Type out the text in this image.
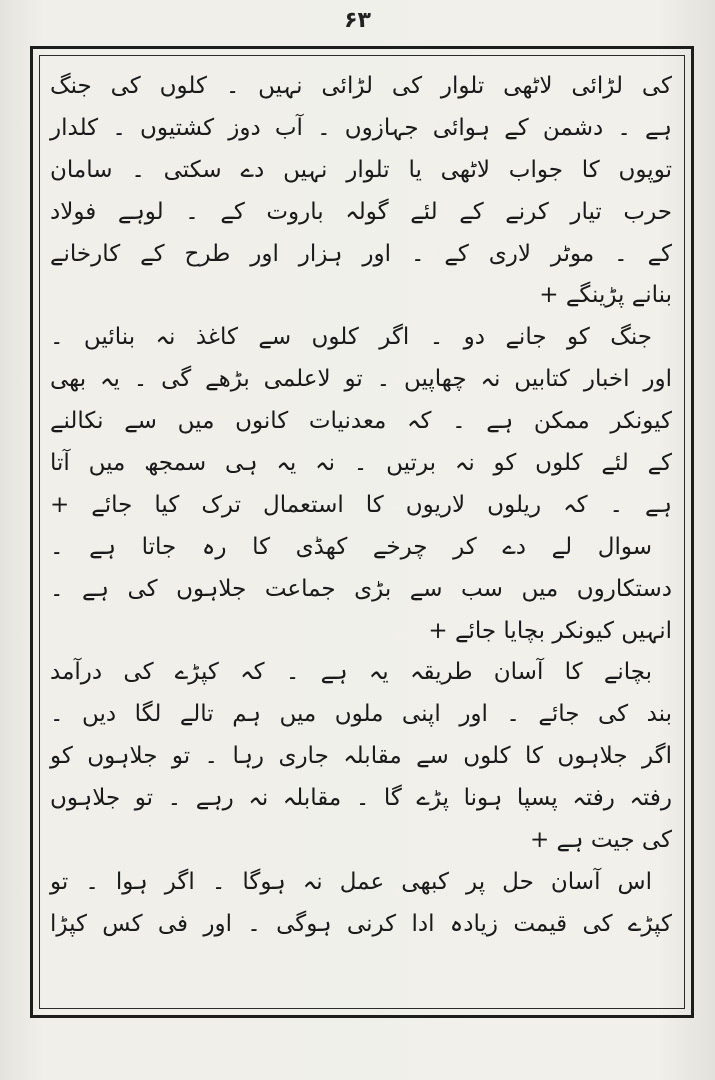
۶۳
کی لڑائی لاٹھی تلوار کی لڑائی نہیں ۔ کلوں کی جنگ
ہے ۔ دشمن کے ہوائی جہازوں ۔ آب دوز کشتیوں ۔ کلدار
توپوں کا جواب لاٹھی یا تلوار نہیں دے سکتی ۔ سامان
حرب تیار کرنے کے لئے گولہ باروت کے ۔ لوہے فولاد
کے ۔ موٹر لاری کے ۔ اور ہزار اور طرح کے کارخانے
بنانے پڑینگے +
جنگ کو جانے دو ۔ اگر کلوں سے کاغذ نہ بنائیں ۔
اور اخبار کتابیں نہ چھاپیں ۔ تو لاعلمی بڑھے گی ۔ یہ بھی
کیونکر ممکن ہے ۔ کہ معدنیات کانوں میں سے نکالنے
کے لئے کلوں کو نہ برتیں ۔ نہ یہ ہی سمجھ میں آتا
ہے ۔ کہ ریلوں لاریوں کا استعمال ترک کیا جائے +
سوال لے دے کر چرخے کھڈی کا رہ جاتا ہے ۔
دستکاروں میں سب سے بڑی جماعت جلاہوں کی ہے ۔
انہیں کیونکر بچایا جائے +
بچانے کا آسان طریقہ یہ ہے ۔ کہ کپڑے کی درآمد
بند کی جائے ۔ اور اپنی ملوں میں ہم تالے لگا دیں ۔
اگر جلاہوں کا کلوں سے مقابلہ جاری رہا ۔ تو جلاہوں کو
رفتہ رفتہ پسپا ہونا پڑے گا ۔ مقابلہ نہ رہے ۔ تو جلاہوں
کی جیت ہے +
اس آسان حل پر کبھی عمل نہ ہوگا ۔ اگر ہوا ۔ تو
کپڑے کی قیمت زیادہ ادا کرنی ہوگی ۔ اور فی کس کپڑا
